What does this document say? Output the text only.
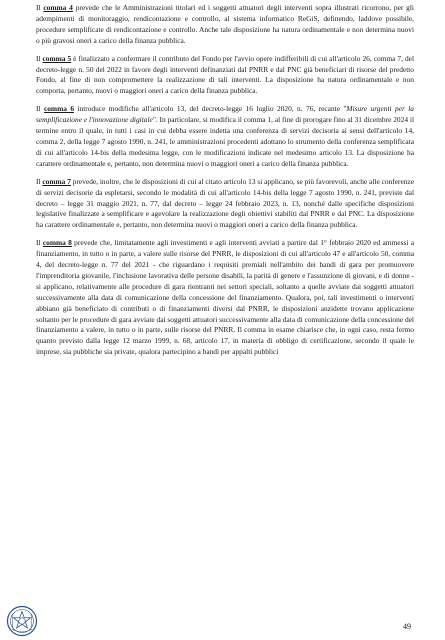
Il comma 4 prevede che le Amministrazioni titolari ed i soggetti attuatori degli interventi sopra illustrati ricorrono, per gli adempimenti di monitoraggio, rendicontazione e controllo, al sistema informatico ReGiS, definendo, laddove possibile, procedure semplificate di rendicontazione e controllo. Anche tale disposizione ha natura ordinamentale e non determina nuovi o più gravosi oneri a carico della finanza pubblica.

Il comma 5 è finalizzato a confermare il contributo del Fondo per l'avvio opere indifferibili di cui all'articolo 26, comma 7, del decreto-legge n. 50 del 2022 in favore degli interventi definanziati dal PNRR e dal PNC già beneficiari di risorse del predetto Fondo, al fine di non compromettere la realizzazione di tali interventi. La disposizione ha natura ordinamentale e non comporta, pertanto, nuovi o maggiori oneri a carico della finanza pubblica.

Il comma 6 introduce modifiche all'articolo 13, del decreto-legge 16 luglio 2020, n. 76, recante "Misure urgenti per la semplificazione e l'innovazione digitale". In particolare, si modifica il comma 1, al fine di prorogare fino al 31 dicembre 2024 il termine entro il quale, in tutti i casi in cui debba essere indetta una conferenza di servizi decisoria ai sensi dell'articolo 14, comma 2, della legge 7 agosto 1990, n. 241, le amministrazioni procedenti adottano lo strumento della conferenza semplificata di cui all'articolo 14-bis della medesima legge, con le modificazioni indicate nel medesimo articolo 13. La disposizione ha carattere ordinamentale e, pertanto, non determina nuovi o maggiori oneri a carico della finanza pubblica.

Il comma 7 prevede, inoltre, che le disposizioni di cui al citato articolo 13 si applicano, se più favorevoli, anche alle conferenze di servizi decisorie da espletarsi, secondo le modalità di cui all'articolo 14-bis della legge 7 agosto 1990, n. 241, previste dal decreto – legge 31 maggio 2021, n. 77, dal decreto – legge 24 febbraio 2023, n. 13, nonché dalle specifiche disposizioni legislative finalizzate a semplificare e agevolare la realizzazione degli obiettivi stabiliti dal PNRR e dal PNC. La disposizione ha carattere ordinamentale e, pertanto, non determina nuovi o maggiori oneri a carico della finanza pubblica.

Il comma 8 prevede che, limitatamente agli investimenti e agli interventi avviati a partire dal 1° febbraio 2020 ed ammessi a finanziamento, in tutto o in parte, a valere sulle risorse del PNRR, le disposizioni di cui all'articolo 47 e all'articolo 50, comma 4, del decreto-legge n. 77 del 2021 - che riguardano i requisiti premiali nell'ambito dei bandi di gara per promuovere l'imprenditoria giovanile, l'inclusione lavorativa delle persone disabili, la parità di genere e l'assunzione di giovani, e di donne - si applicano, relativamente alle procedure di gara rientranti nei settori speciali, soltanto a quelle avviate dai soggetti attuatori successivamente alla data di comunicazione della concessione del finanziamento. Qualora, poi, tali investimenti o interventi abbiano già beneficiato di contributi o di finanziamenti diversi dal PNRR, le disposizioni anzidette trovano applicazione soltanto per le procedure di gara avviate dai soggetti attuatori successivamente alla data di comunicazione della concessione del finanziamento a valere, in tutto o in parte, sulle risorse del PNRR. Il comma in esame chiarisce che, in ogni caso, resta fermo quanto previsto dalla legge 12 marzo 1999, n. 68, articolo 17, in materia di obbligo di certificazione, secondo il quale le imprese, sia pubbliche sia private, qualora partecipino a bandi per appalti pubblici

49
